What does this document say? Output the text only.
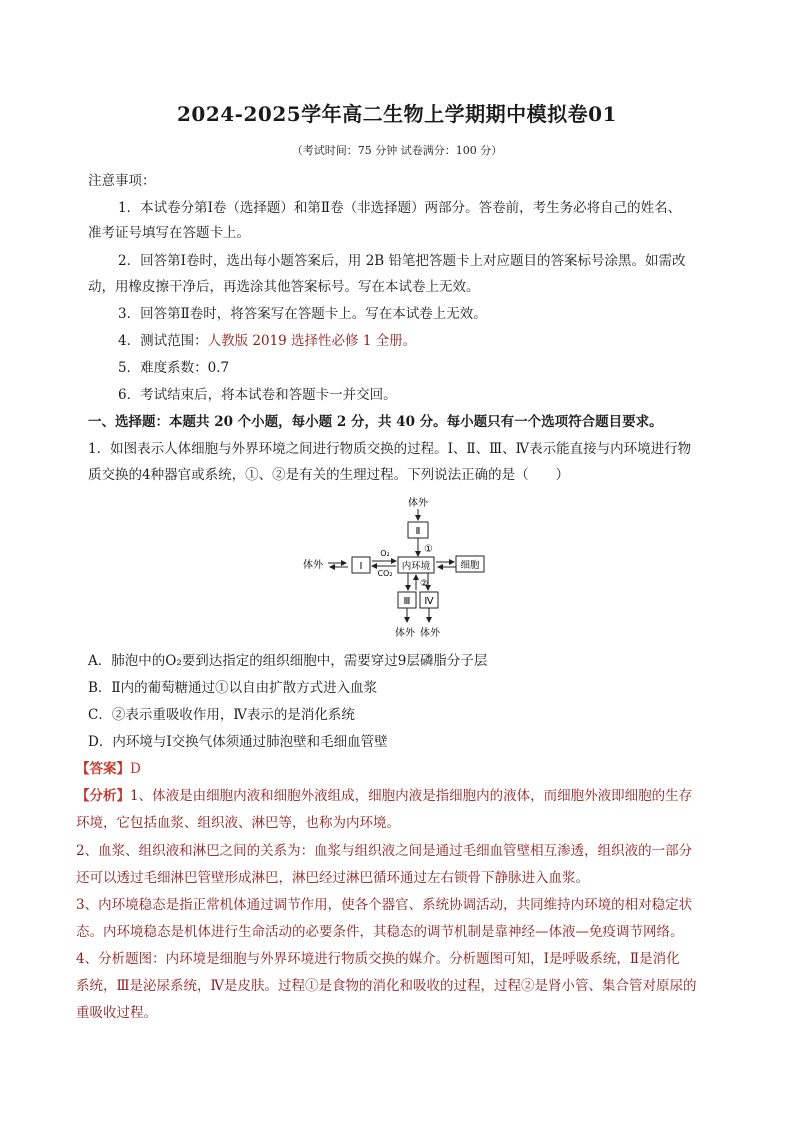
2024-2025学年高二生物上学期期中模拟卷01
（考试时间：75 分钟 试卷满分：100 分）
注意事项：
1．本试卷分第Ⅰ卷（选择题）和第Ⅱ卷（非选择题）两部分。答卷前，考生务必将自己的姓名、
准考证号填写在答题卡上。
2．回答第Ⅰ卷时，选出每小题答案后，用 2B 铅笔把答题卡上对应题目的答案标号涂黑。如需改
动，用橡皮擦干净后，再选涂其他答案标号。写在本试卷上无效。
3．回答第Ⅱ卷时，将答案写在答题卡上。写在本试卷上无效。
4．测试范围：人教版 2019 选择性必修 1 全册。
5．难度系数：0.7
6．考试结束后，将本试卷和答题卡一并交回。
一、选择题：本题共 20 个小题，每小题 2 分，共 40 分。每小题只有一个选项符合题目要求。
1．如图表示人体细胞与外界环境之间进行物质交换的过程。Ⅰ、Ⅱ、Ⅲ、Ⅳ表示能直接与内环境进行物
质交换的4种器官或系统，①、②是有关的生理过程。下列说法正确的是（　　）
体外
Ⅱ
①
体外	Ⅰ
O₂
CO₂
内环境	细胞
②
Ⅲ Ⅳ
体外 体外
A．肺泡中的O₂要到达指定的组织细胞中，需要穿过9层磷脂分子层
B．Ⅱ内的葡萄糖通过①以自由扩散方式进入血浆
C．②表示重吸收作用，Ⅳ表示的是消化系统
D．内环境与Ⅰ交换气体须通过肺泡壁和毛细血管壁
【答案】D
【分析】1、体液是由细胞内液和细胞外液组成，细胞内液是指细胞内的液体，而细胞外液即细胞的生存
环境，它包括血浆、组织液、淋巴等，也称为内环境。
2、血浆、组织液和淋巴之间的关系为：血浆与组织液之间是通过毛细血管壁相互渗透，组织液的一部分
还可以透过毛细淋巴管壁形成淋巴，淋巴经过淋巴循环通过左右锁骨下静脉进入血浆。
3、内环境稳态是指正常机体通过调节作用，使各个器官、系统协调活动，共同维持内环境的相对稳定状
态。内环境稳态是机体进行生命活动的必要条件，其稳态的调节机制是靠神经—体液—免疫调节网络。
4、分析题图：内环境是细胞与外界环境进行物质交换的媒介。分析题图可知，Ⅰ是呼吸系统，Ⅱ是消化
系统，Ⅲ是泌尿系统，Ⅳ是皮肤。过程①是食物的消化和吸收的过程，过程②是肾小管、集合管对原尿的
重吸收过程。
